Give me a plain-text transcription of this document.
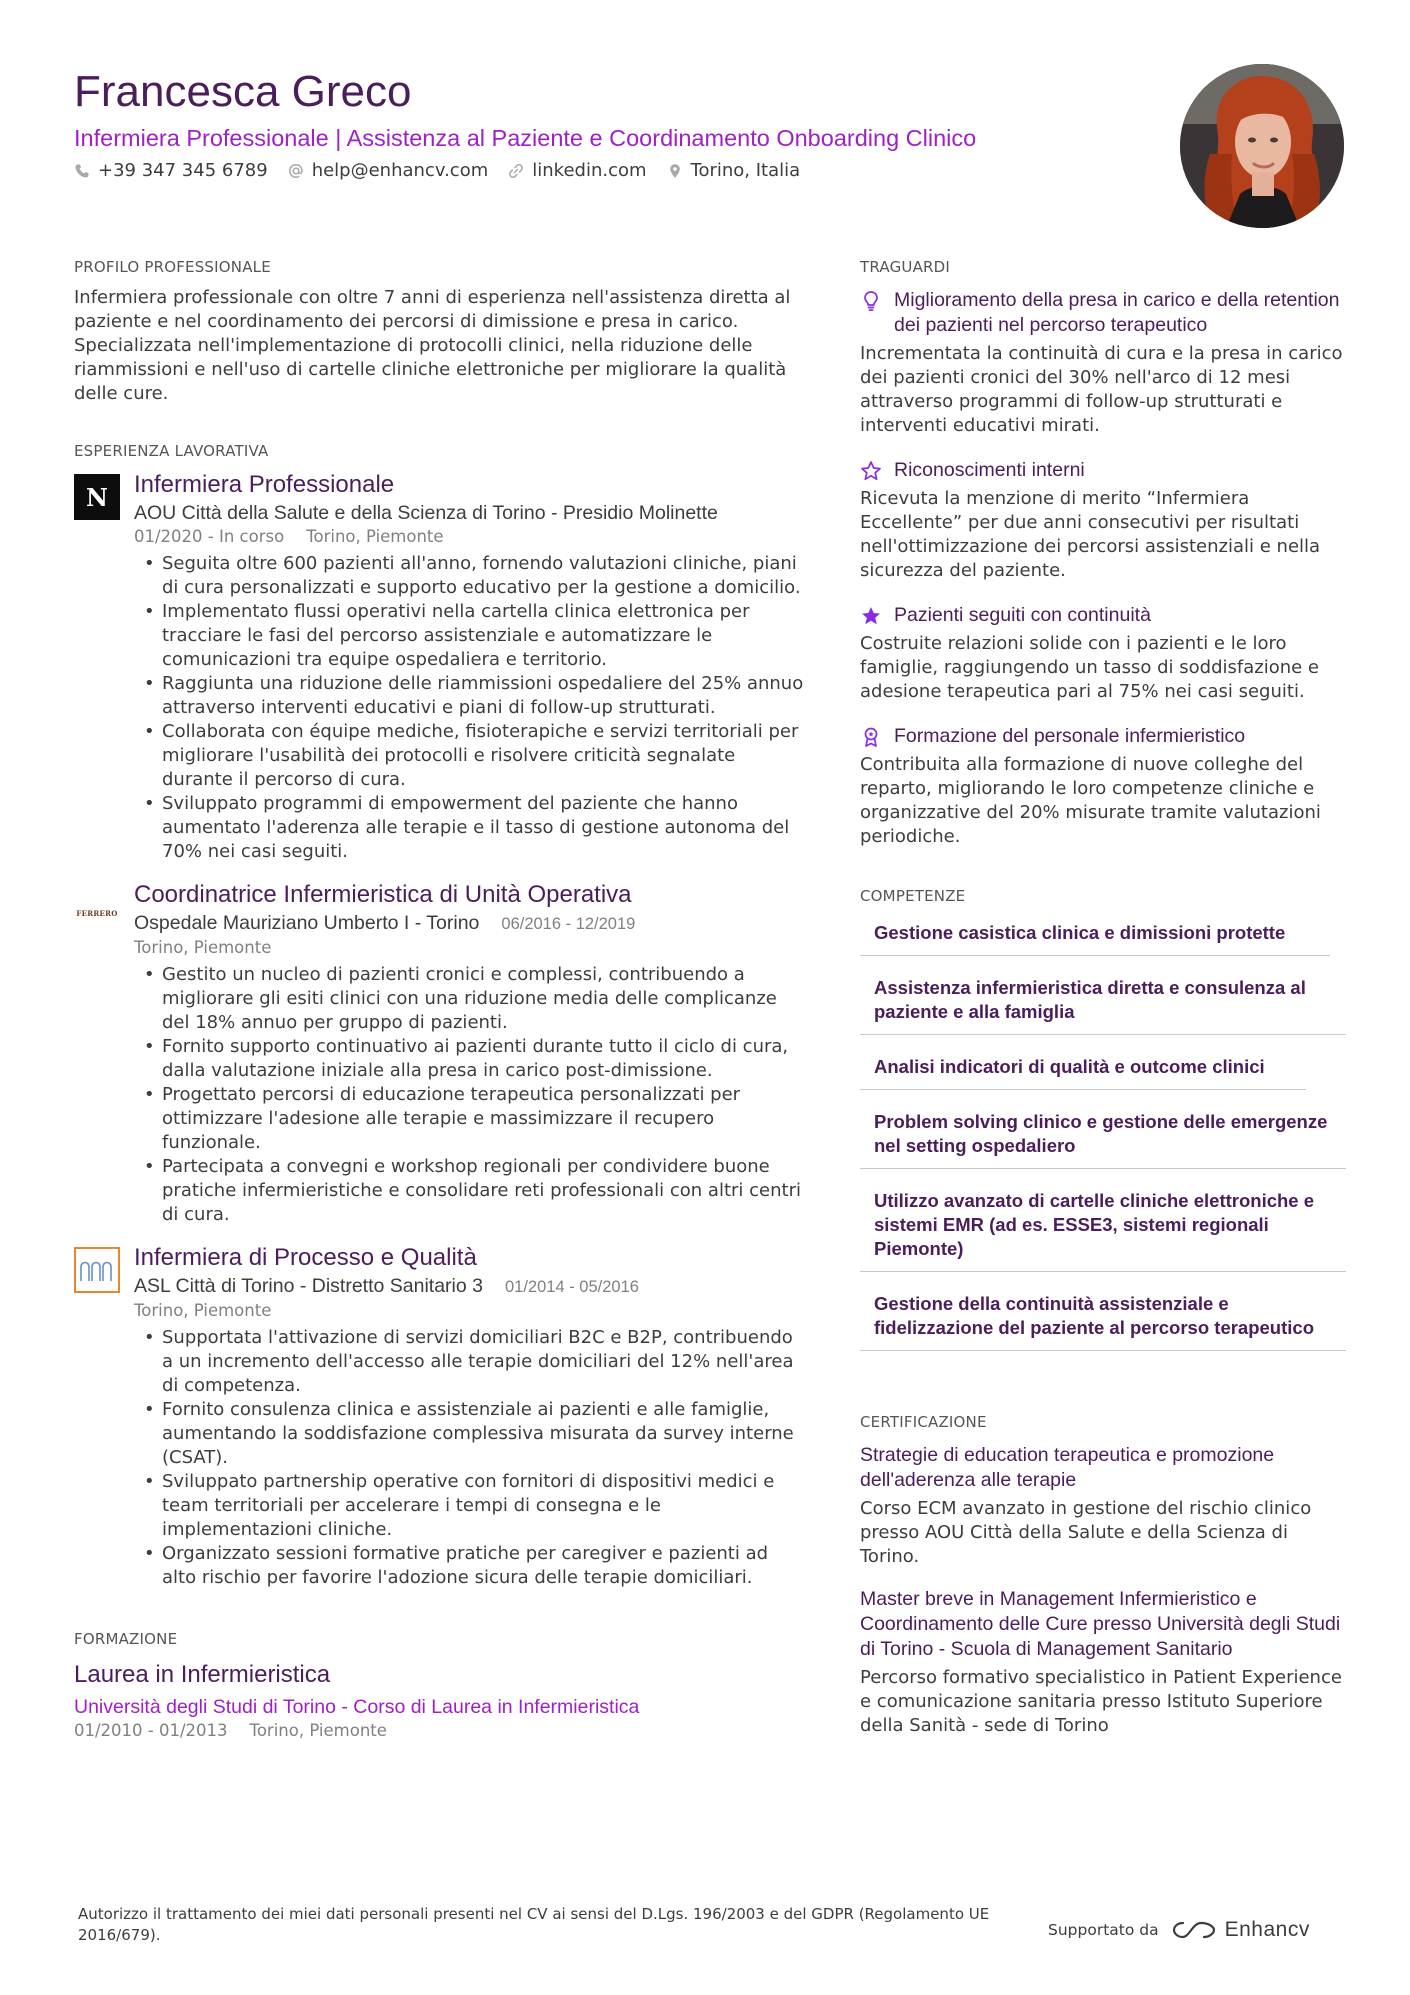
Francesca Greco
Infermiera Professionale | Assistenza al Paziente e Coordinamento Onboarding Clinico
+39 347 345 6789 help@enhancv.com linkedin.com Torino, Italia
PROFILO PROFESSIONALE
Infermiera professionale con oltre 7 anni di esperienza nell'assistenza diretta al paziente e nel coordinamento dei percorsi di dimissione e presa in carico. Specializzata nell'implementazione di protocolli clinici, nella riduzione delle riammissioni e nell'uso di cartelle cliniche elettroniche per migliorare la qualità delle cure.
ESPERIENZA LAVORATIVA
N	Infermiera Professionale
AOU Città della Salute e della Scienza di Torino - Presidio Molinette
01/2020 - In corso Torino, Piemonte
• Seguita oltre 600 pazienti all'anno, fornendo valutazioni cliniche, piani di cura personalizzati e supporto educativo per la gestione a domicilio.
• Implementato flussi operativi nella cartella clinica elettronica per tracciare le fasi del percorso assistenziale e automatizzare le comunicazioni tra equipe ospedaliera e territorio.
• Raggiunta una riduzione delle riammissioni ospedaliere del 25% annuo attraverso interventi educativi e piani di follow-up strutturati.
• Collaborata con équipe mediche, fisioterapiche e servizi territoriali per migliorare l'usabilità dei protocolli e risolvere criticità segnalate durante il percorso di cura.
• Sviluppato programmi di empowerment del paziente che hanno aumentato l'aderenza alle terapie e il tasso di gestione autonoma del 70% nei casi seguiti.
FERRERO
Coordinatrice Infermieristica di Unità Operativa
Ospedale Mauriziano Umberto I - Torino 06/2016 - 12/2019
Torino, Piemonte
• Gestito un nucleo di pazienti cronici e complessi, contribuendo a migliorare gli esiti clinici con una riduzione media delle complicanze del 18% annuo per gruppo di pazienti.
• Fornito supporto continuativo ai pazienti durante tutto il ciclo di cura, dalla valutazione iniziale alla presa in carico post-dimissione.
• Progettato percorsi di educazione terapeutica personalizzati per ottimizzare l'adesione alle terapie e massimizzare il recupero funzionale.
• Partecipata a convegni e workshop regionali per condividere buone pratiche infermieristiche e consolidare reti professionali con altri centri di cura.
Infermiera di Processo e Qualità
ASL Città di Torino - Distretto Sanitario 3 01/2014 - 05/2016
Torino, Piemonte
• Supportata l'attivazione di servizi domiciliari B2C e B2P, contribuendo a un incremento dell'accesso alle terapie domiciliari del 12% nell'area di competenza.
• Fornito consulenza clinica e assistenziale ai pazienti e alle famiglie, aumentando la soddisfazione complessiva misurata da survey interne (CSAT).
• Sviluppato partnership operative con fornitori di dispositivi medici e team territoriali per accelerare i tempi di consegna e le implementazioni cliniche.
• Organizzato sessioni formative pratiche per caregiver e pazienti ad alto rischio per favorire l'adozione sicura delle terapie domiciliari.
FORMAZIONE
Laurea in Infermieristica
Università degli Studi di Torino - Corso di Laurea in Infermieristica
01/2010 - 01/2013 Torino, Piemonte
TRAGUARDI
Miglioramento della presa in carico e della retention dei pazienti nel percorso terapeutico
Incrementata la continuità di cura e la presa in carico dei pazienti cronici del 30% nell'arco di 12 mesi attraverso programmi di follow-up strutturati e interventi educativi mirati.
Riconoscimenti interni
Ricevuta la menzione di merito “Infermiera Eccellente” per due anni consecutivi per risultati nell'ottimizzazione dei percorsi assistenziali e nella sicurezza del paziente.
Pazienti seguiti con continuità
Costruite relazioni solide con i pazienti e le loro famiglie, raggiungendo un tasso di soddisfazione e adesione terapeutica pari al 75% nei casi seguiti.
Formazione del personale infermieristico
Contribuita alla formazione di nuove colleghe del reparto, migliorando le loro competenze cliniche e organizzative del 20% misurate tramite valutazioni periodiche.
COMPETENZE
Gestione casistica clinica e dimissioni protette
Assistenza infermieristica diretta e consulenza al paziente e alla famiglia
Analisi indicatori di qualità e outcome clinici
Problem solving clinico e gestione delle emergenze nel setting ospedaliero
Utilizzo avanzato di cartelle cliniche elettroniche e sistemi EMR (ad es. ESSE3, sistemi regionali Piemonte)
Gestione della continuità assistenziale e fidelizzazione del paziente al percorso terapeutico
CERTIFICAZIONE
Strategie di education terapeutica e promozione dell'aderenza alle terapie
Corso ECM avanzato in gestione del rischio clinico presso AOU Città della Salute e della Scienza di Torino.
Master breve in Management Infermieristico e Coordinamento delle Cure presso Università degli Studi di Torino - Scuola di Management Sanitario
Percorso formativo specialistico in Patient Experience e comunicazione sanitaria presso Istituto Superiore della Sanità - sede di Torino
Autorizzo il trattamento dei miei dati personali presenti nel CV ai sensi del D.Lgs. 196/2003 e del GDPR (Regolamento UE 2016/679).	Supportato da	Enhancv
